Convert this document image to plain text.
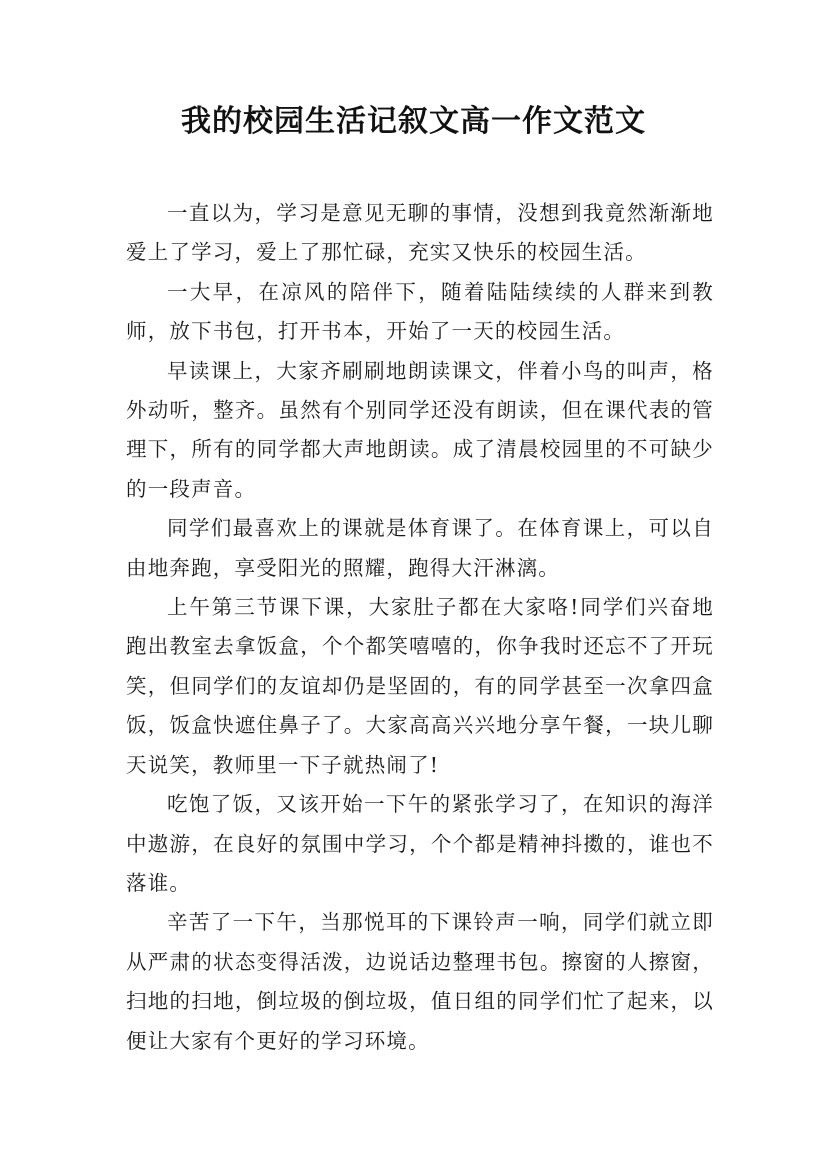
我的校园生活记叙文高一作文范文

一直以为，学习是意见无聊的事情，没想到我竟然渐渐地爱上了学习，爱上了那忙碌，充实又快乐的校园生活。

一大早，在凉风的陪伴下，随着陆陆续续的人群来到教师，放下书包，打开书本，开始了一天的校园生活。

早读课上，大家齐刷刷地朗读课文，伴着小鸟的叫声，格外动听，整齐。虽然有个别同学还没有朗读，但在课代表的管理下，所有的同学都大声地朗读。成了清晨校园里的不可缺少的一段声音。

同学们最喜欢上的课就是体育课了。在体育课上，可以自由地奔跑，享受阳光的照耀，跑得大汗淋漓。

上午第三节课下课，大家肚子都在大家咯!同学们兴奋地跑出教室去拿饭盒，个个都笑嘻嘻的，你争我时还忘不了开玩笑，但同学们的友谊却仍是坚固的，有的同学甚至一次拿四盒饭，饭盒快遮住鼻子了。大家高高兴兴地分享午餐，一块儿聊天说笑，教师里一下子就热闹了!

吃饱了饭，又该开始一下午的紧张学习了，在知识的海洋中遨游，在良好的氛围中学习，个个都是精神抖擞的，谁也不落谁。

辛苦了一下午，当那悦耳的下课铃声一响，同学们就立即从严肃的状态变得活泼，边说话边整理书包。擦窗的人擦窗，扫地的扫地，倒垃圾的倒垃圾，值日组的同学们忙了起来，以便让大家有个更好的学习环境。
